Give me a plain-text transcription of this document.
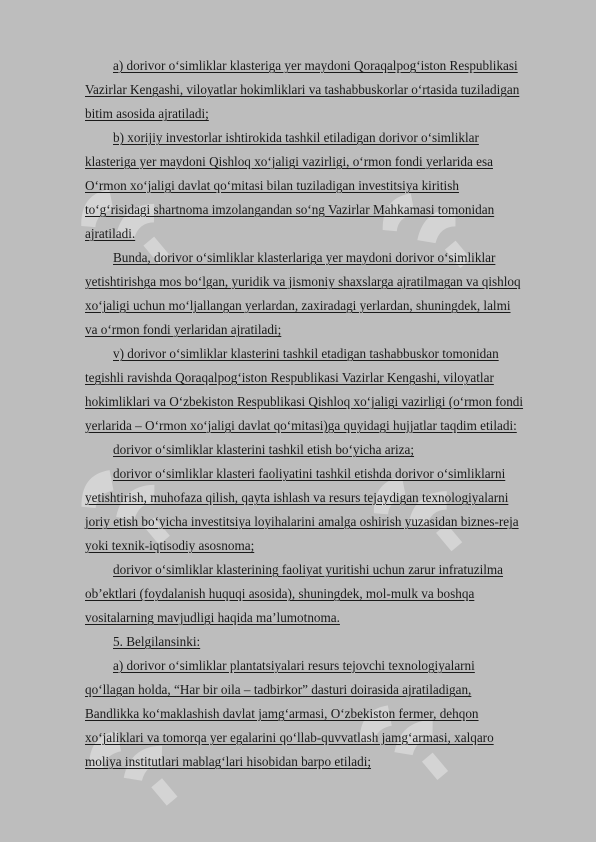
a) dorivor oʻsimliklar klasteriga yer maydoni Qoraqalpogʻiston Respublikasi
Vazirlar Kengashi, viloyatlar hokimliklari va tashabbuskorlar oʻrtasida tuziladigan
bitim asosida ajratiladi;
b) xorijiy investorlar ishtirokida tashkil etiladigan dorivor oʻsimliklar
klasteriga yer maydoni Qishloq xoʻjaligi vazirligi, oʻrmon fondi yerlarida esa
Oʻrmon xoʻjaligi davlat qoʻmitasi bilan tuziladigan investitsiya kiritish
toʻgʻrisidagi shartnoma imzolangandan soʻng Vazirlar Mahkamasi tomonidan
ajratiladi.
Bunda, dorivor oʻsimliklar klasterlariga yer maydoni dorivor oʻsimliklar
yetishtirishga mos boʻlgan, yuridik va jismoniy shaxslarga ajratilmagan va qishloq
xoʻjaligi uchun moʻljallangan yerlardan, zaxiradagi yerlardan, shuningdek, lalmi
va oʻrmon fondi yerlaridan ajratiladi;
v) dorivor oʻsimliklar klasterini tashkil etadigan tashabbuskor tomonidan
tegishli ravishda Qoraqalpogʻiston Respublikasi Vazirlar Kengashi, viloyatlar
hokimliklari va Oʻzbekiston Respublikasi Qishloq xoʻjaligi vazirligi (oʻrmon fondi
yerlarida – Oʻrmon xoʻjaligi davlat qoʻmitasi)ga quyidagi hujjatlar taqdim etiladi:
dorivor oʻsimliklar klasterini tashkil etish boʻyicha ariza;
dorivor oʻsimliklar klasteri faoliyatini tashkil etishda dorivor oʻsimliklarni
yetishtirish, muhofaza qilish, qayta ishlash va resurs tejaydigan texnologiyalarni
joriy etish boʻyicha investitsiya loyihalarini amalga oshirish yuzasidan biznes-reja
yoki texnik-iqtisodiy asosnoma;
dorivor oʻsimliklar klasterining faoliyat yuritishi uchun zarur infratuzilma
obʼektlari (foydalanish huquqi asosida), shuningdek, mol-mulk va boshqa
vositalarning mavjudligi haqida maʼlumotnoma.
5. Belgilansinki:
a) dorivor oʻsimliklar plantatsiyalari resurs tejovchi texnologiyalarni
qoʻllagan holda, “Har bir oila – tadbirkor” dasturi doirasida ajratiladigan,
Bandlikka koʻmaklashish davlat jamgʻarmasi, Oʻzbekiston fermer, dehqon
xoʻjaliklari va tomorqa yer egalarini qoʻllab-quvvatlash jamgʻarmasi, xalqaro
moliya institutlari mablagʻlari hisobidan barpo etiladi;
